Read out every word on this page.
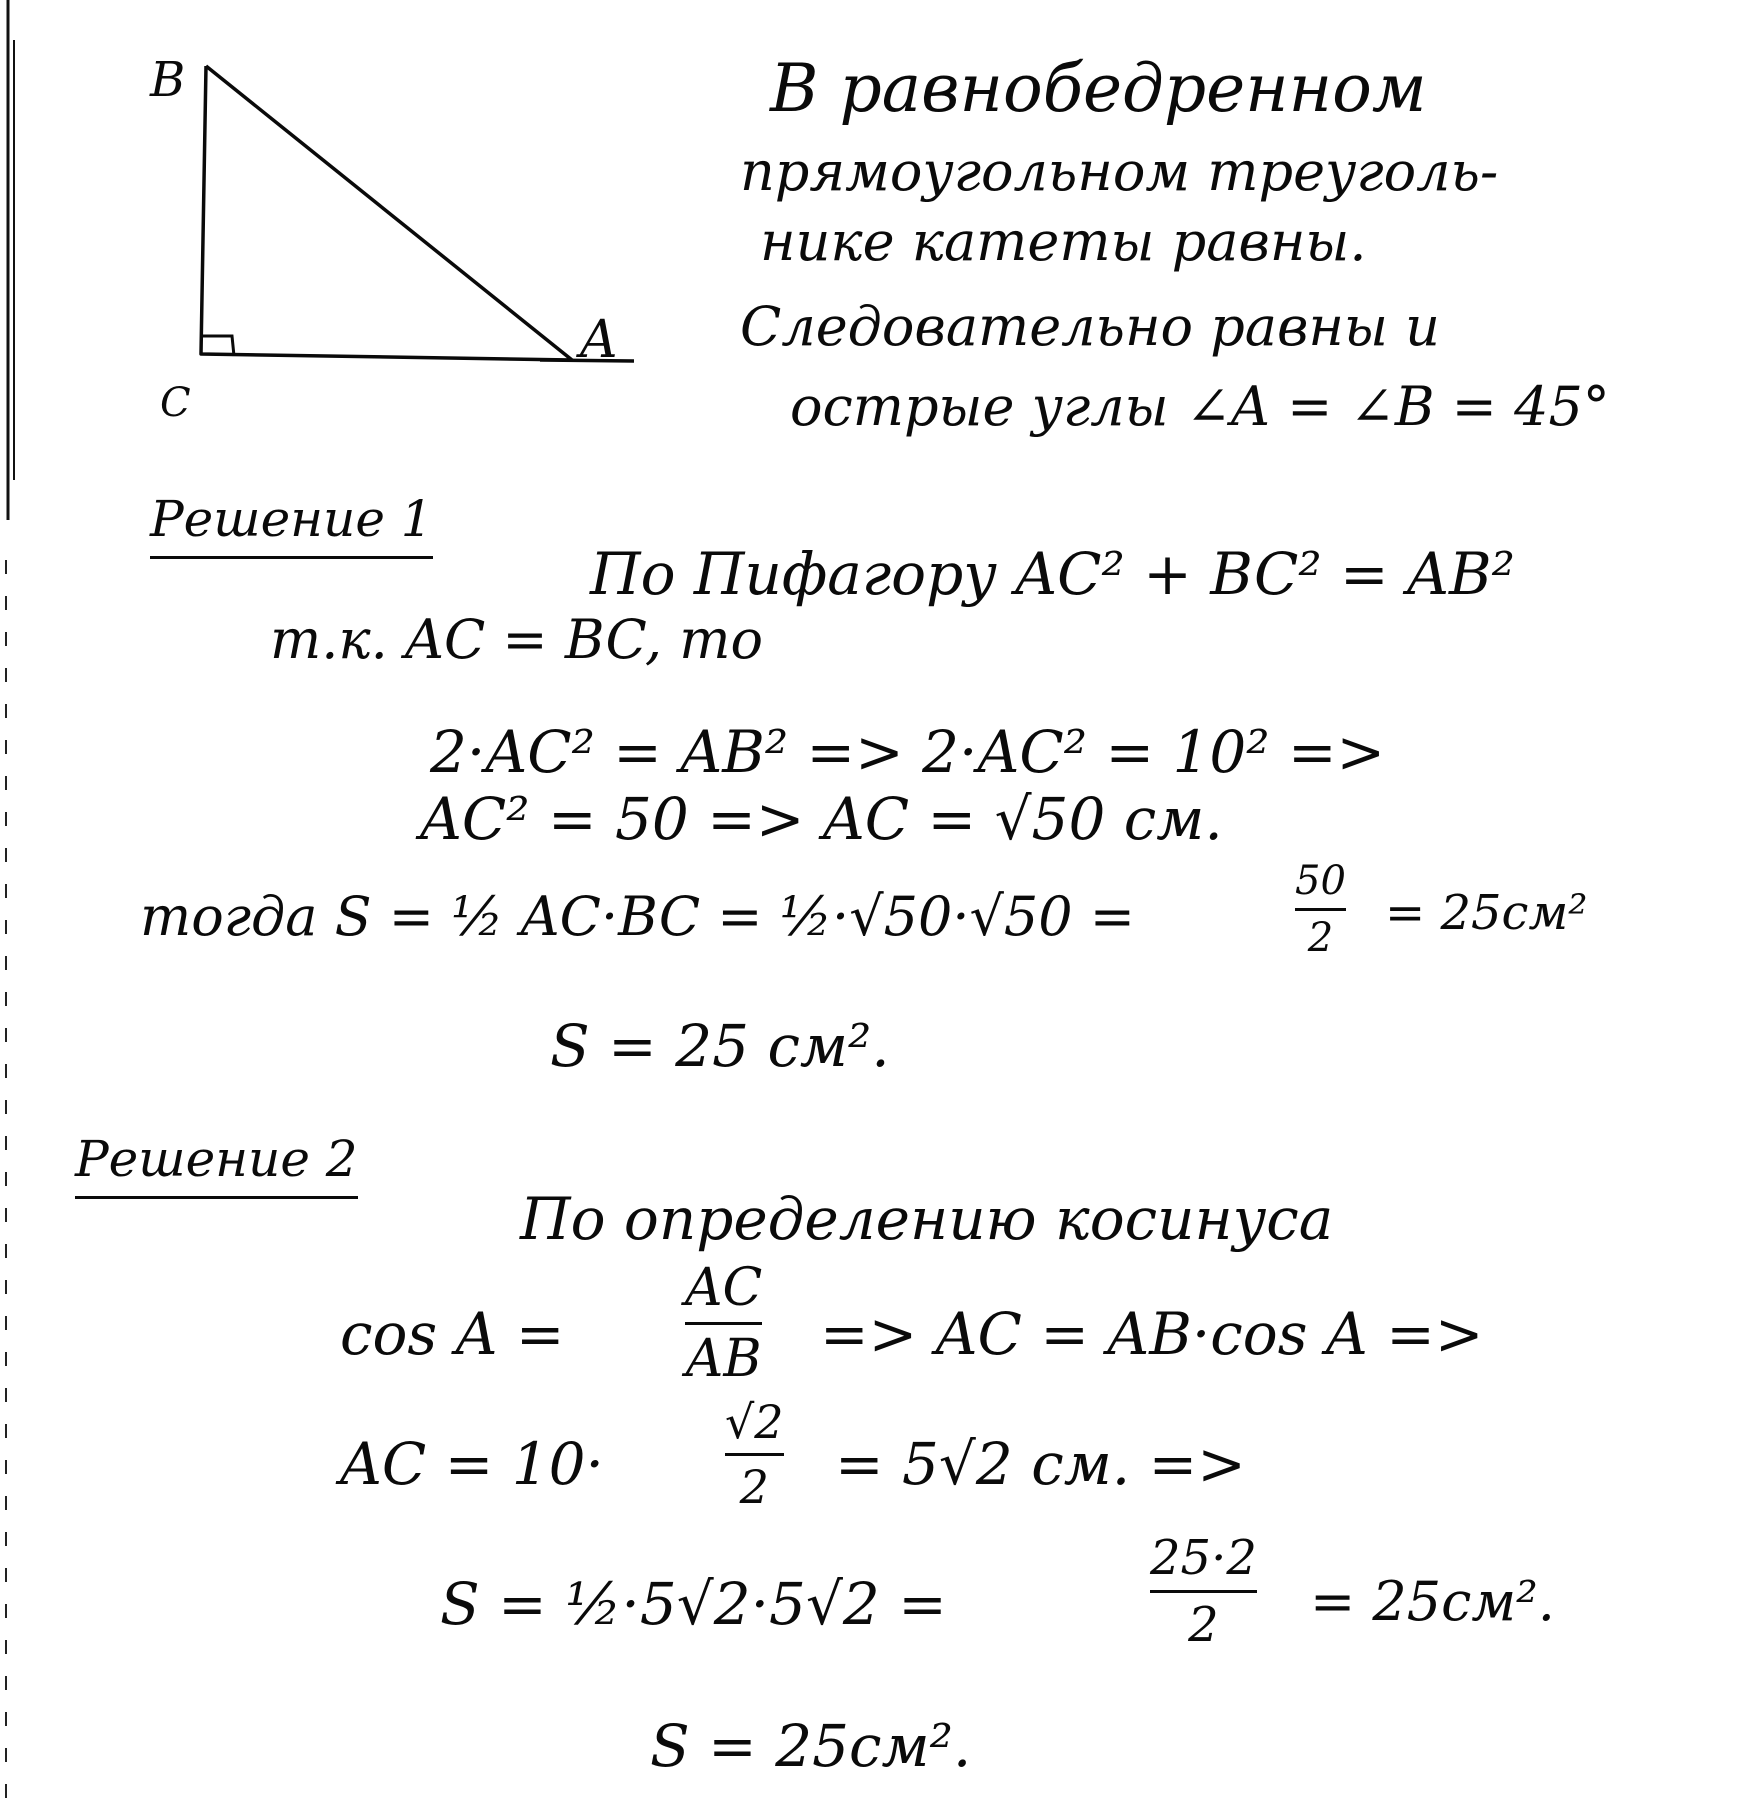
B
C
A
В равнобедренном
прямоугольном треуголь-
нике катеты равны.
Следовательно равны и
острые углы ∠A = ∠B = 45°
Решение 1
По Пифагору AC² + BC² = AB²
т.к. AC = BC, то
2·AC² = AB² => 2·AC² = 10² =>
AC² = 50 => AC = √50 см.
тогда S = ½ AC·BC = ½·√50·√50 =
50
2 = 25см²
S = 25 см².
Решение 2
По определению косинуса
cos A =
AC
AB => AC = AB·cos A =>
AC = 10·
√2
2 = 5√2 см. =>
S = ½·5√2·5√2 =
25·2
2 = 25см².
S = 25см².
